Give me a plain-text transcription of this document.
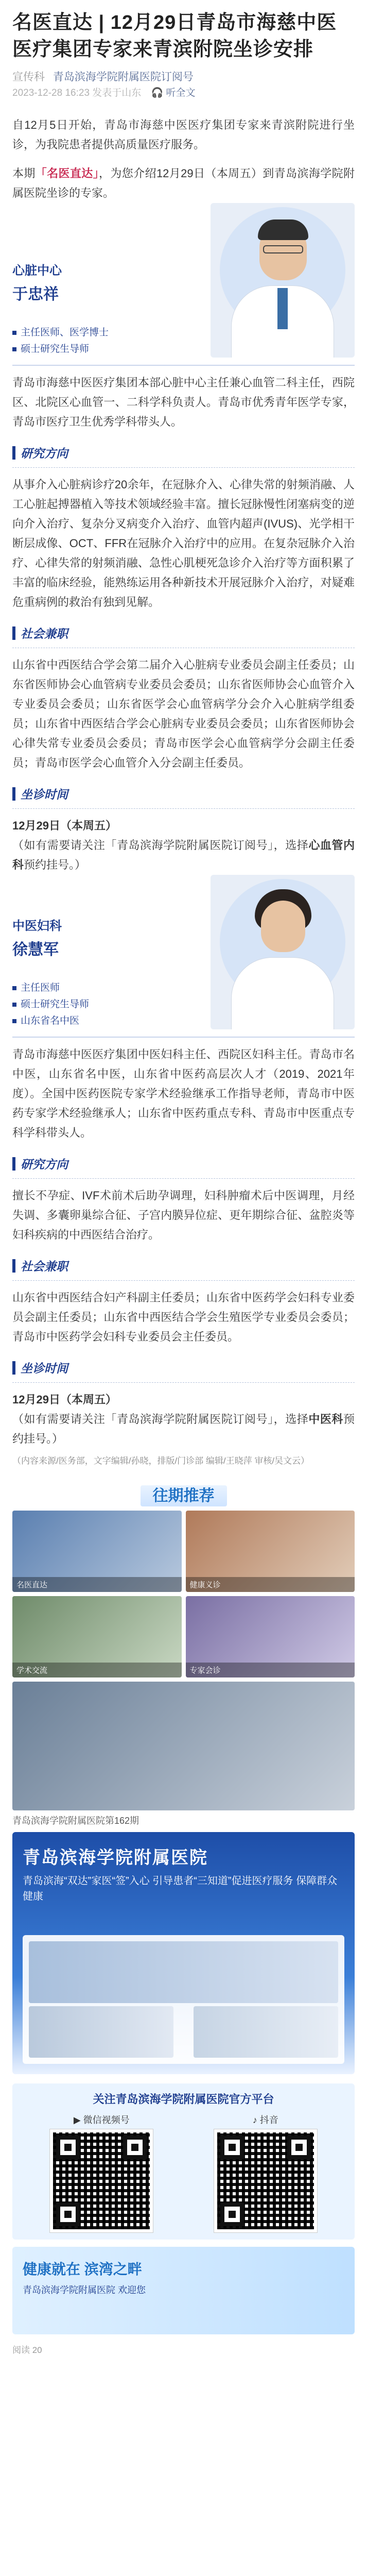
名医直达 | 12月29日青岛市海慈中医医疗集团专家来青滨附院坐诊安排
宣传科 青岛滨海学院附属医院订阅号
2023-12-28 16:23 发表于山东 🎧 听全文

自12月5日开始，青岛市海慈中医医疗集团专家来青滨附院进行坐诊，为我院患者提供高质量医疗服务。

本期「名医直达」，为您介绍12月29日（本周五）到青岛滨海学院附属医院坐诊的专家。

心脏中心
于忠祥
主任医师、医学博士
硕士研究生导师

青岛市海慈中医医疗集团本部心脏中心主任兼心血管二科主任，西院区、北院区心血管一、二科学科负责人。青岛市优秀青年医学专家，青岛市医疗卫生优秀学科带头人。

研究方向

从事介入心脏病诊疗20余年，在冠脉介入、心律失常的射频消融、人工心脏起搏器植入等技术领域经验丰富。擅长冠脉慢性闭塞病变的逆向介入治疗、复杂分叉病变介入治疗、血管内超声(IVUS)、光学相干断层成像、OCT、FFR在冠脉介入治疗中的应用。在复杂冠脉介入治疗、心律失常的射频消融、急性心肌梗死急诊介入治疗等方面积累了丰富的临床经验，能熟练运用各种新技术开展冠脉介入治疗，对疑难危重病例的救治有独到见解。

社会兼职

山东省中西医结合学会第二届介入心脏病专业委员会副主任委员；山东省医师协会心血管病专业委员会委员；山东省医师协会心血管介入专业委员会委员；山东省医学会心血管病学分会介入心脏病学组委员；山东省中西医结合学会心脏病专业委员会委员；山东省医师协会心律失常专业委员会委员；青岛市医学会心血管病学分会副主任委员；青岛市医学会心血管介入分会副主任委员。

坐诊时间

12月29日（本周五）
（如有需要请关注「青岛滨海学院附属医院订阅号」，选择心血管内科预约挂号。）

中医妇科
徐慧军
主任医师
硕士研究生导师
山东省名中医

青岛市海慈中医医疗集团中医妇科主任、西院区妇科主任。青岛市名中医，山东省名中医，山东省中医药高层次人才（2019、2021年度）。全国中医药医院专家学术经验继承工作指导老师，青岛市中医药专家学术经验继承人；山东省中医药重点专科、青岛市中医重点专科学科带头人。

研究方向

擅长不孕症、IVF术前术后助孕调理，妇科肿瘤术后中医调理，月经失调、多囊卵巢综合征、子宫内膜异位症、更年期综合征、盆腔炎等妇科疾病的中西医结合治疗。

社会兼职

山东省中西医结合妇产科副主任委员；山东省中医药学会妇科专业委员会副主任委员；山东省中西医结合学会生殖医学专业委员会委员；青岛市中医药学会妇科专业委员会主任委员。

坐诊时间

12月29日（本周五）
（如有需要请关注「青岛滨海学院附属医院订阅号」，选择中医科预约挂号。）

（内容来源/医务部，文字编辑/孙晓，排版/门诊部 编辑/王晓萍 审核/吴文云）
往期推荐
名医直达	健康义诊
学术交流	专家会诊
青岛滨海学院附属医院第162期
青岛滨海学院附属医院
青岛滨海“双达”家医“签”入心 引导患者“三知道”促进医疗服务 保障群众健康
关注青岛滨海学院附属医院官方平台
▶ 微信视频号	♪ 抖音
健康就在 滨湾之畔
青岛滨海学院附属医院 欢迎您
阅读 20
